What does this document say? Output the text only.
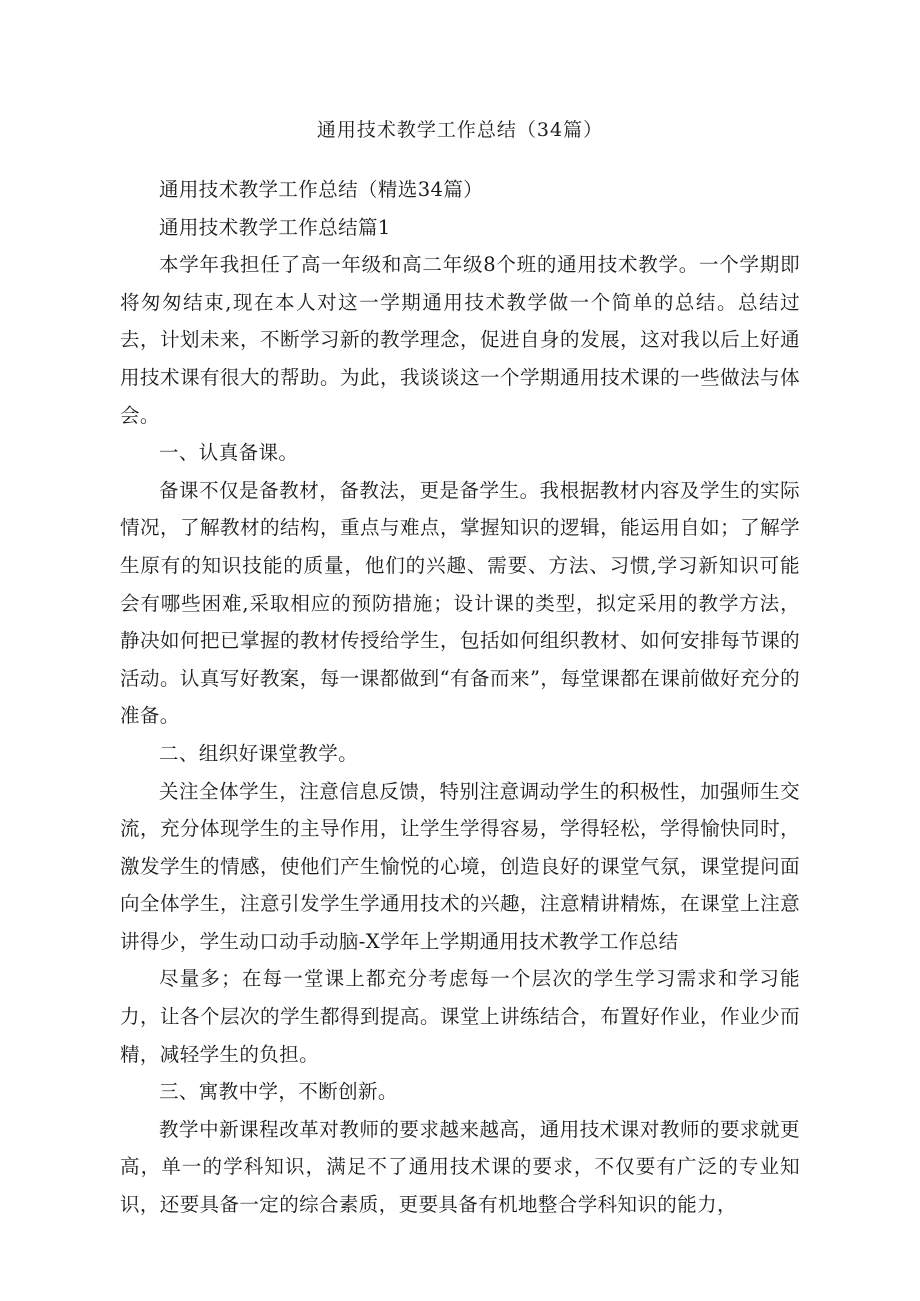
通用技术教学工作总结（34篇）

通用技术教学工作总结（精选34篇）

通用技术教学工作总结篇1

本学年我担任了高一年级和高二年级8个班的通用技术教学。一个学期即将匆匆结束,现在本人对这一学期通用技术教学做一个简单的总结。总结过去，计划未来，不断学习新的教学理念，促进自身的发展，这对我以后上好通用技术课有很大的帮助。为此，我谈谈这一个学期通用技术课的一些做法与体会。

一、认真备课。

备课不仅是备教材，备教法，更是备学生。我根据教材内容及学生的实际情况，了解教材的结构，重点与难点，掌握知识的逻辑，能运用自如；了解学生原有的知识技能的质量，他们的兴趣、需要、方法、习惯,学习新知识可能会有哪些困难,采取相应的预防措施；设计课的类型，拟定采用的教学方法，静决如何把已掌握的教材传授给学生，包括如何组织教材、如何安排每节课的活动。认真写好教案，每一课都做到“有备而来”，每堂课都在课前做好充分的准备。

二、组织好课堂教学。

关注全体学生，注意信息反馈，特别注意调动学生的积极性，加强师生交流，充分体现学生的主导作用，让学生学得容易，学得轻松，学得愉快同时，激发学生的情感，使他们产生愉悦的心境，创造良好的课堂气氛，课堂提问面向全体学生，注意引发学生学通用技术的兴趣，注意精讲精炼，在课堂上注意讲得少，学生动口动手动脑-X学年上学期通用技术教学工作总结

尽量多；在每一堂课上都充分考虑每一个层次的学生学习需求和学习能力，让各个层次的学生都得到提高。课堂上讲练结合，布置好作业，作业少而精，减轻学生的负担。

三、寓教中学，不断创新。

教学中新课程改革对教师的要求越来越高，通用技术课对教师的要求就更高，单一的学科知识，满足不了通用技术课的要求，不仅要有广泛的专业知识，还要具备一定的综合素质，更要具备有机地整合学科知识的能力，
